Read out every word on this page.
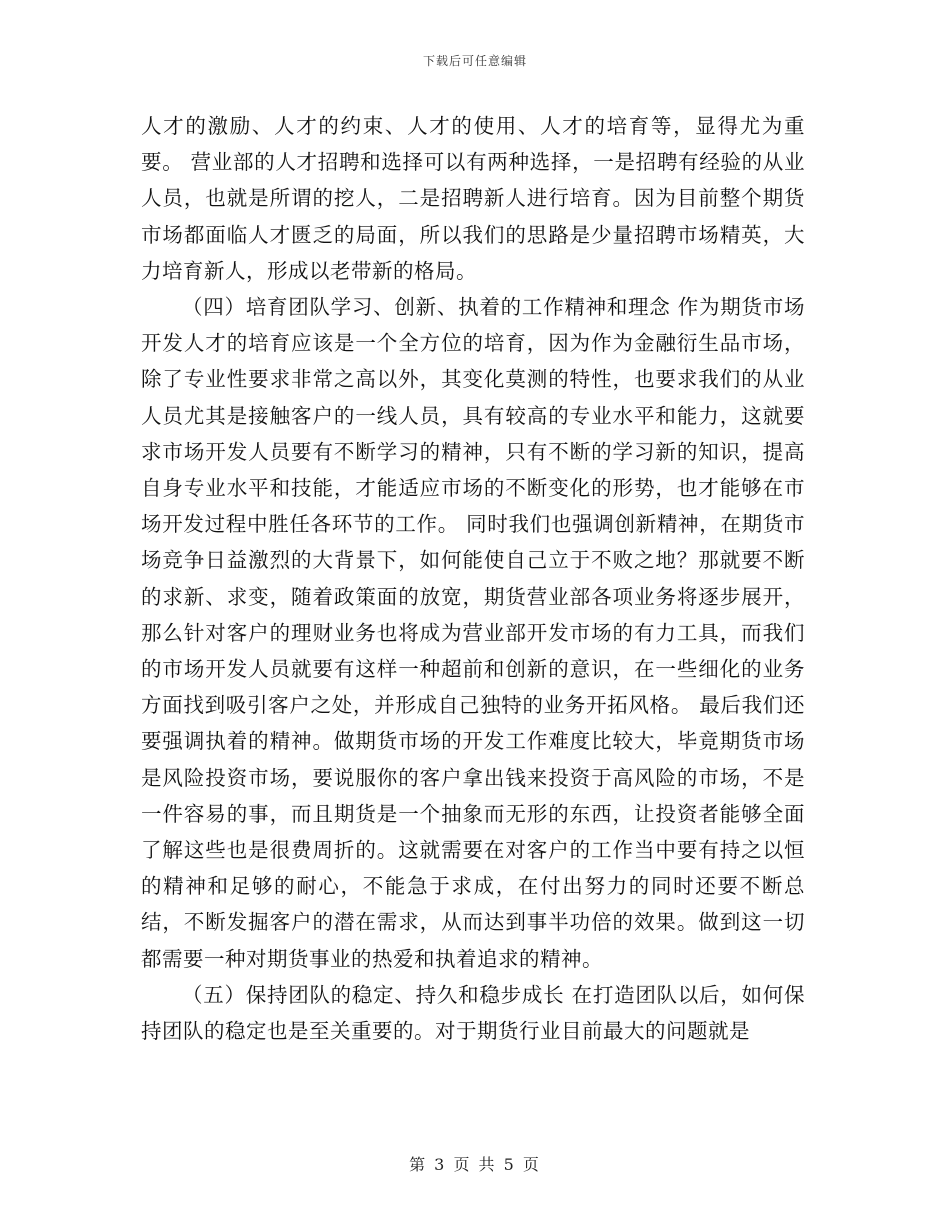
下载后可任意编辑

人才的激励、人才的约束、人才的使用、人才的培育等，显得尤为重要。 营业部的人才招聘和选择可以有两种选择，一是招聘有经验的从业人员，也就是所谓的挖人，二是招聘新人进行培育。因为目前整个期货市场都面临人才匮乏的局面，所以我们的思路是少量招聘市场精英，大力培育新人，形成以老带新的格局。

（四）培育团队学习、创新、执着的工作精神和理念 作为期货市场开发人才的培育应该是一个全方位的培育，因为作为金融衍生品市场，除了专业性要求非常之高以外，其变化莫测的特性，也要求我们的从业人员尤其是接触客户的一线人员，具有较高的专业水平和能力，这就要求市场开发人员要有不断学习的精神，只有不断的学习新的知识，提高自身专业水平和技能，才能适应市场的不断变化的形势，也才能够在市场开发过程中胜任各环节的工作。 同时我们也强调创新精神，在期货市场竞争日益激烈的大背景下，如何能使自己立于不败之地？那就要不断的求新、求变，随着政策面的放宽，期货营业部各项业务将逐步展开，那么针对客户的理财业务也将成为营业部开发市场的有力工具，而我们的市场开发人员就要有这样一种超前和创新的意识，在一些细化的业务方面找到吸引客户之处，并形成自己独特的业务开拓风格。 最后我们还要强调执着的精神。做期货市场的开发工作难度比较大，毕竟期货市场是风险投资市场，要说服你的客户拿出钱来投资于高风险的市场，不是一件容易的事，而且期货是一个抽象而无形的东西，让投资者能够全面了解这些也是很费周折的。这就需要在对客户的工作当中要有持之以恒的精神和足够的耐心，不能急于求成，在付出努力的同时还要不断总结，不断发掘客户的潜在需求，从而达到事半功倍的效果。做到这一切都需要一种对期货事业的热爱和执着追求的精神。

（五）保持团队的稳定、持久和稳步成长 在打造团队以后，如何保持团队的稳定也是至关重要的。对于期货行业目前最大的问题就是

第 3 页 共 5 页
